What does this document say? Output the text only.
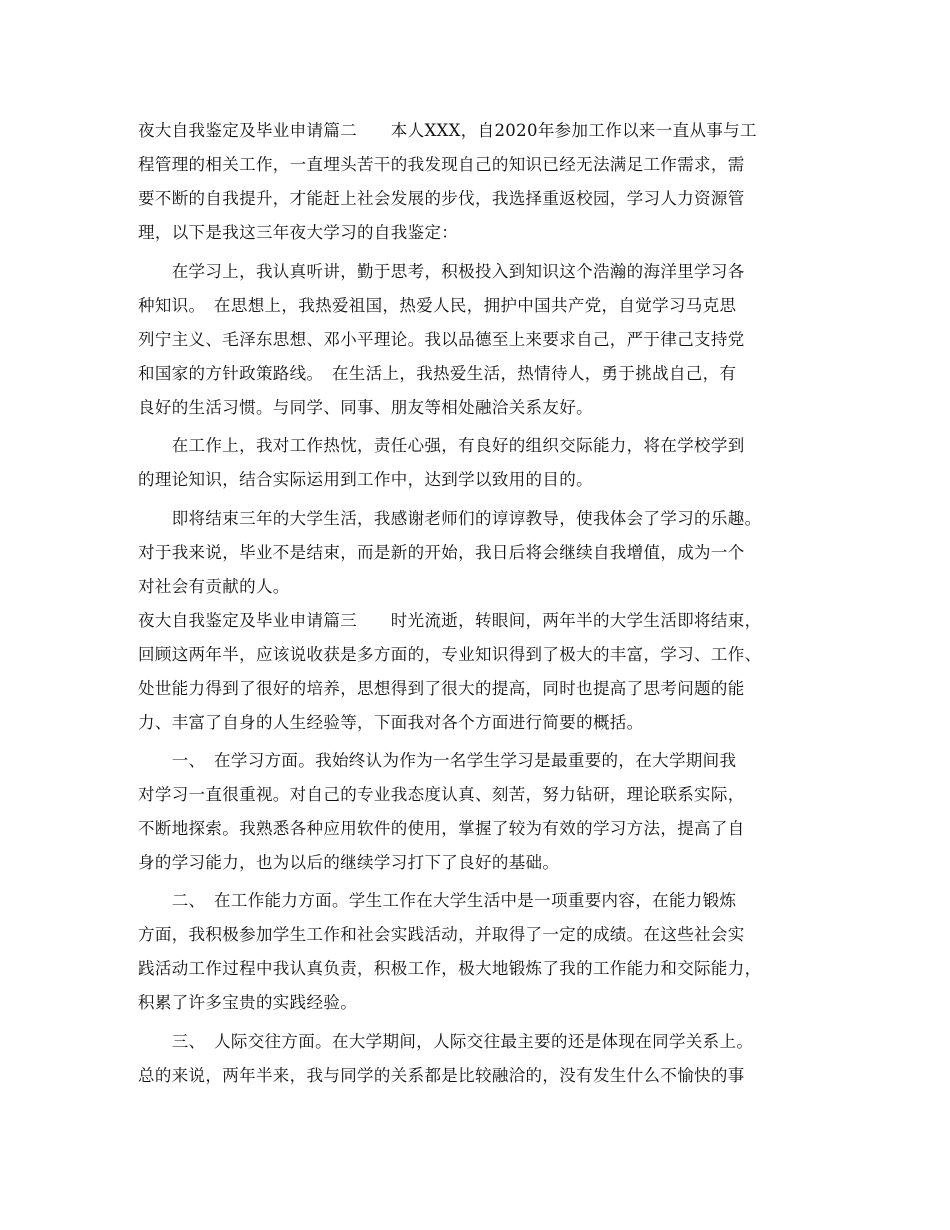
夜大自我鉴定及毕业申请篇二　　本人XXX，自2020年参加工作以来一直从事与工
程管理的相关工作，一直埋头苦干的我发现自己的知识已经无法满足工作需求，需
要不断的自我提升，才能赶上社会发展的步伐，我选择重返校园，学习人力资源管
理，以下是我这三年夜大学习的自我鉴定：
　　在学习上，我认真听讲，勤于思考，积极投入到知识这个浩瀚的海洋里学习各
种知识。　在思想上，我热爱祖国，热爱人民，拥护中国共产党，自觉学习马克思
列宁主义、毛泽东思想、邓小平理论。我以品德至上来要求自己，严于律己支持党
和国家的方针政策路线。　在生活上，我热爱生活，热情待人，勇于挑战自己，有
良好的生活习惯。与同学、同事、朋友等相处融洽关系友好。
　　在工作上，我对工作热忱，责任心强，有良好的组织交际能力，将在学校学到
的理论知识，结合实际运用到工作中，达到学以致用的目的。
　　即将结束三年的大学生活，我感谢老师们的谆谆教导，使我体会了学习的乐趣。
对于我来说，毕业不是结束，而是新的开始，我日后将会继续自我增值，成为一个
对社会有贡献的人。
夜大自我鉴定及毕业申请篇三　　时光流逝，转眼间，两年半的大学生活即将结束，
回顾这两年半，应该说收获是多方面的，专业知识得到了极大的丰富，学习、工作、
处世能力得到了很好的培养，思想得到了很大的提高，同时也提高了思考问题的能
力、丰富了自身的人生经验等，下面我对各个方面进行简要的概括。
　　一、　在学习方面。我始终认为作为一名学生学习是最重要的，在大学期间我
对学习一直很重视。对自己的专业我态度认真、刻苦，努力钻研，理论联系实际，
不断地探索。我熟悉各种应用软件的使用，掌握了较为有效的学习方法，提高了自
身的学习能力，也为以后的继续学习打下了良好的基础。
　　二、　在工作能力方面。学生工作在大学生活中是一项重要内容，在能力锻炼
方面，我积极参加学生工作和社会实践活动，并取得了一定的成绩。在这些社会实
践活动工作过程中我认真负责，积极工作，极大地锻炼了我的工作能力和交际能力，
积累了许多宝贵的实践经验。
　　三、　人际交往方面。在大学期间，人际交往最主要的还是体现在同学关系上。
总的来说，两年半来，我与同学的关系都是比较融洽的，没有发生什么不愉快的事
